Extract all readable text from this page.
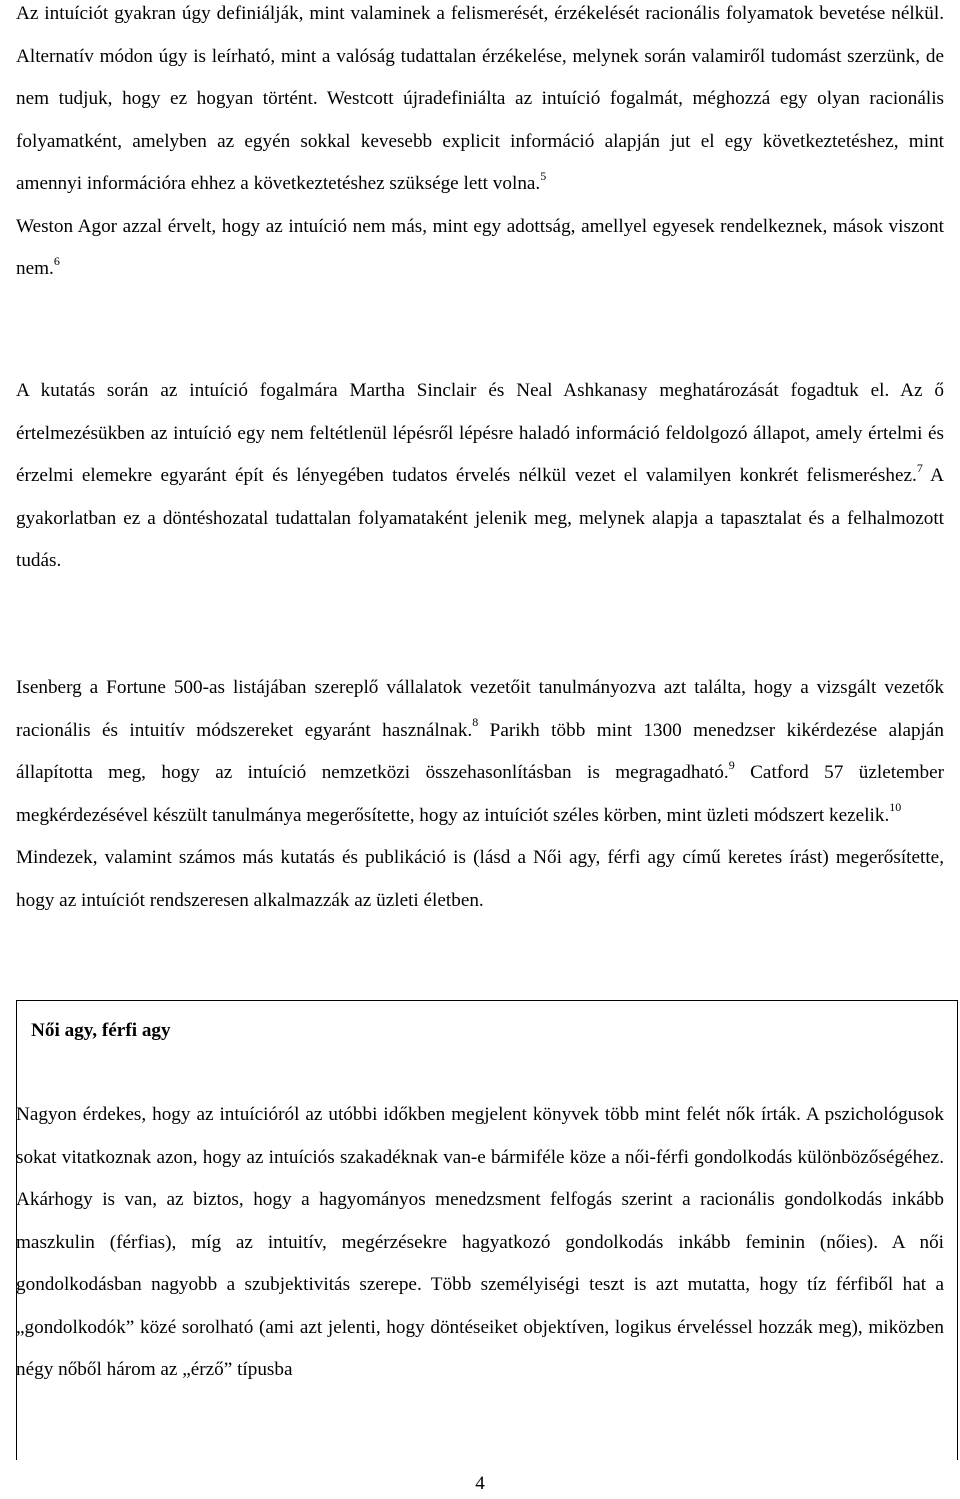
Az intuíciót gyakran úgy definiálják, mint valaminek a felismerését, érzékelését racionális folyamatok bevetése nélkül. Alternatív módon úgy is leírható, mint a valóság tudattalan érzékelése, melynek során valamiről tudomást szerzünk, de nem tudjuk, hogy ez hogyan történt. Westcott újradefiniálta az intuíció fogalmát, méghozzá egy olyan racionális folyamatként, amelyben az egyén sokkal kevesebb explicit információ alapján jut el egy következtetéshez, mint amennyi információra ehhez a következtetéshez szüksége lett volna.$^5$
Weston Agor azzal érvelt, hogy az intuíció nem más, mint egy adottság, amellyel egyesek rendelkeznek, mások viszont nem.$^6$

A kutatás során az intuíció fogalmára Martha Sinclair és Neal Ashkanasy meghatározását fogadtuk el. Az ő értelmezésükben az intuíció egy nem feltétlenül lépésről lépésre haladó információ feldolgozó állapot, amely értelmi és érzelmi elemekre egyaránt épít és lényegében tudatos érvelés nélkül vezet el valamilyen konkrét felismeréshez.$^7$ A gyakorlatban ez a döntéshozatal tudattalan folyamataként jelenik meg, melynek alapja a tapasztalat és a felhalmozott tudás.

Isenberg a Fortune 500-as listájában szereplő vállalatok vezetőit tanulmányozva azt találta, hogy a vizsgált vezetők racionális és intuitív módszereket egyaránt használnak.$^8$ Parikh több mint 1300 menedzser kikérdezése alapján állapította meg, hogy az intuíció nemzetközi összehasonlításban is megragadható.$^9$ Catford 57 üzletember megkérdezésével készült tanulmánya megerősítette, hogy az intuíciót széles körben, mint üzleti módszert kezelik.$^{10}$
Mindezek, valamint számos más kutatás és publikáció is (lásd a Női agy, férfi agy című keretes írást) megerősítette, hogy az intuíciót rendszeresen alkalmazzák az üzleti életben.

Női agy, férfi agy

Nagyon érdekes, hogy az intuícióról az utóbbi időkben megjelent könyvek több mint felét nők írták. A pszichológusok sokat vitatkoznak azon, hogy az intuíciós szakadéknak van-e bármiféle köze a női-férfi gondolkodás különbözőségéhez. Akárhogy is van, az biztos, hogy a hagyományos menedzsment felfogás szerint a racionális gondolkodás inkább maszkulin (férfias), míg az intuitív, megérzésekre hagyatkozó gondolkodás inkább feminin (nőies). A női gondolkodásban nagyobb a szubjektivitás szerepe. Több személyiségi teszt is azt mutatta, hogy tíz férfiből hat a „gondolkodók” közé sorolható (ami azt jelenti, hogy döntéseiket objektíven, logikus érveléssel hozzák meg), miközben négy nőből három az „érző” típusba

4
